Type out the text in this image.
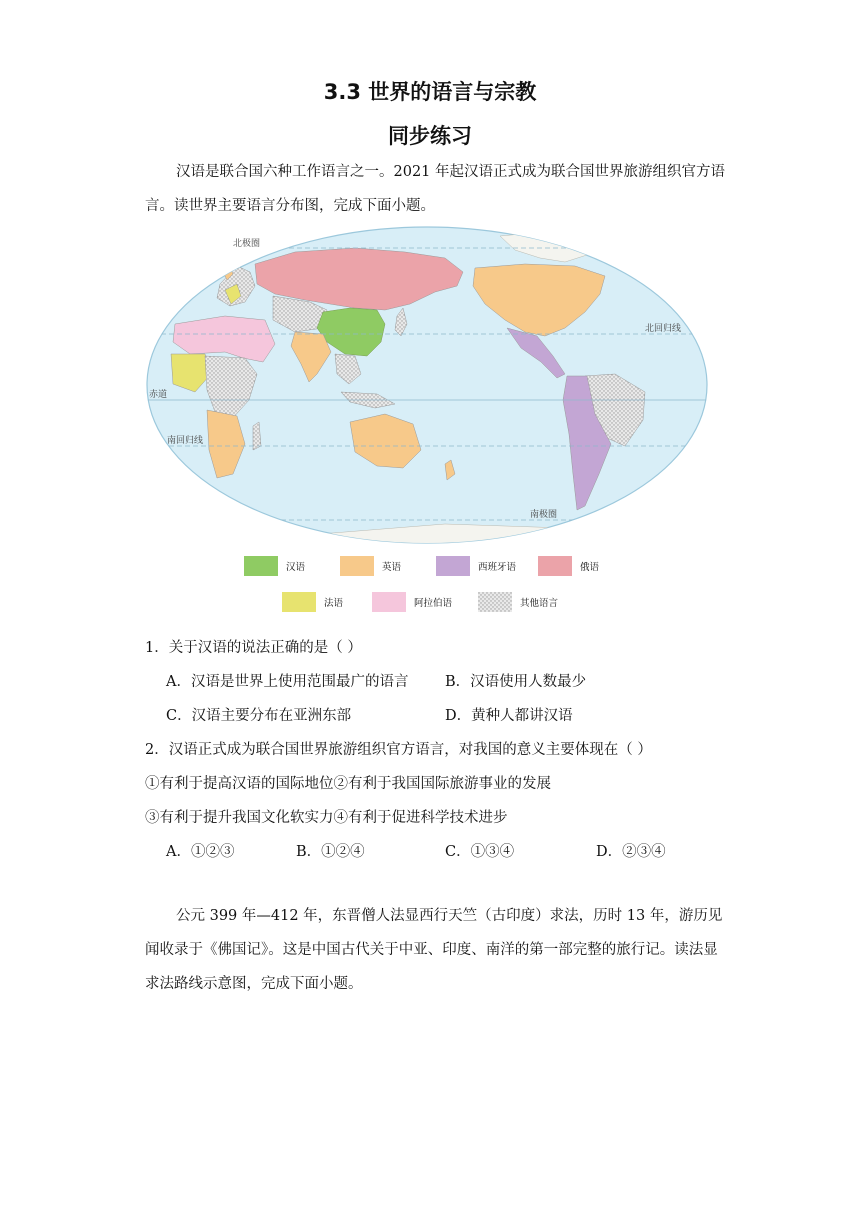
3.3 世界的语言与宗教
同步练习
汉语是联合国六种工作语言之一。2021 年起汉语正式成为联合国世界旅游组织官方语言。读世界主要语言分布图，完成下面小题。
北极圈
北回归线
赤道
南回归线
南极圈
汉语	英语	西班牙语	俄语
法语	阿拉伯语	其他语言
1．关于汉语的说法正确的是（ ）
A．汉语是世界上使用范围最广的语言	B．汉语使用人数最少
C．汉语主要分布在亚洲东部	D．黄种人都讲汉语
2．汉语正式成为联合国世界旅游组织官方语言，对我国的意义主要体现在（ ）
①有利于提高汉语的国际地位②有利于我国国际旅游事业的发展
③有利于提升我国文化软实力④有利于促进科学技术进步
A．①②③	B．①②④	C．①③④	D．②③④
公元 399 年—412 年，东晋僧人法显西行天竺（古印度）求法，历时 13 年，游历见闻收录于《佛国记》。这是中国古代关于中亚、印度、南洋的第一部完整的旅行记。读法显求法路线示意图，完成下面小题。
